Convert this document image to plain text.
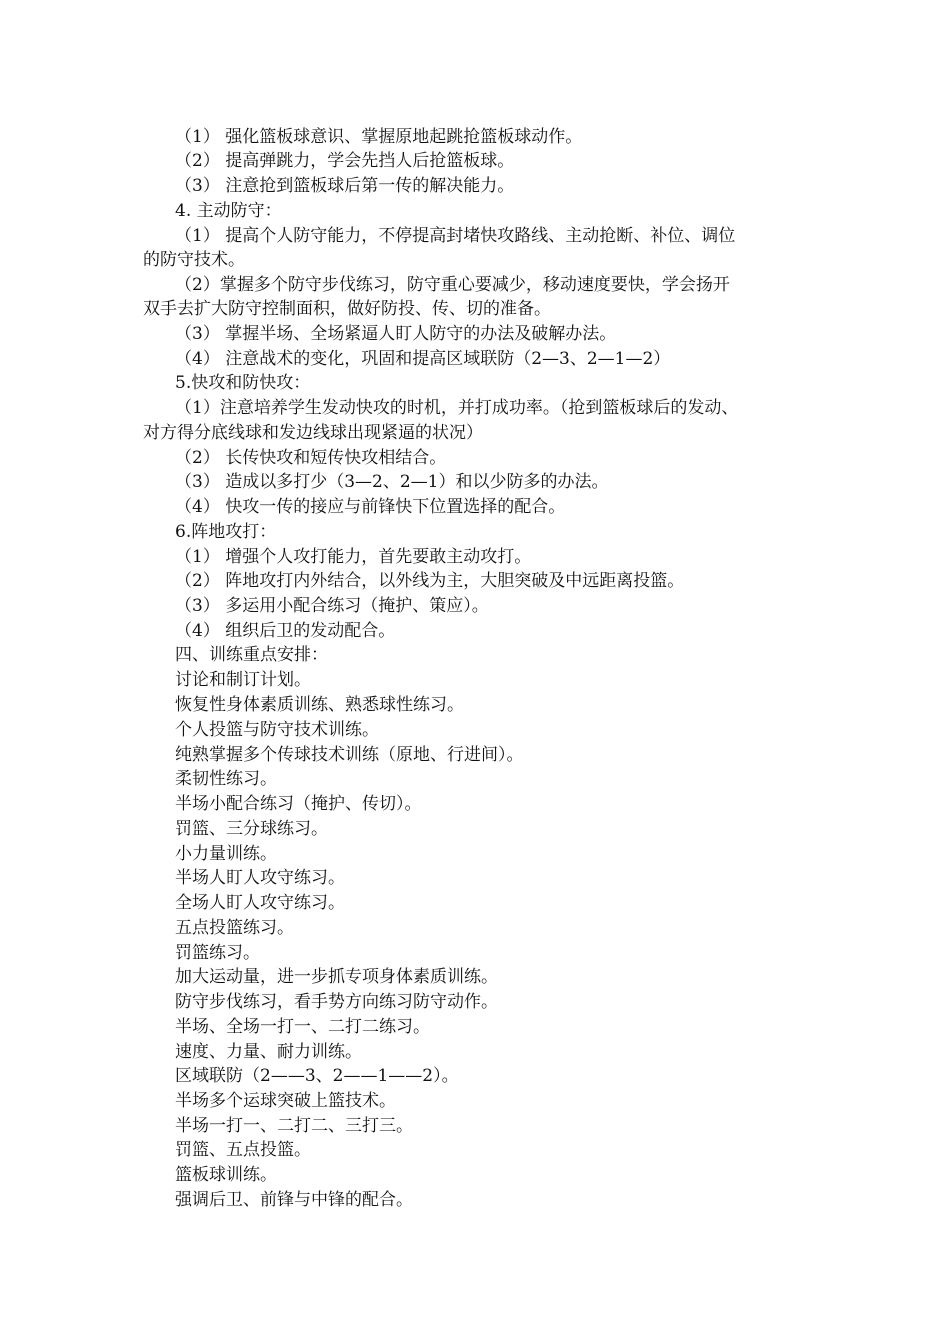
（1） 强化篮板球意识、掌握原地起跳抢篮板球动作。
（2） 提高弹跳力，学会先挡人后抢篮板球。
（3） 注意抢到篮板球后第一传的解决能力。
4. 主动防守：
（1） 提高个人防守能力，不停提高封堵快攻路线、主动抢断、补位、调位
的防守技术。
（2）掌握多个防守步伐练习，防守重心要减少，移动速度要快，学会扬开
双手去扩大防守控制面积，做好防投、传、切的准备。
（3） 掌握半场、全场紧逼人盯人防守的办法及破解办法。
（4） 注意战术的变化，巩固和提高区域联防（2—3、2—1—2）
5.快攻和防快攻：
（1）注意培养学生发动快攻的时机，并打成功率。（抢到篮板球后的发动、
对方得分底线球和发边线球出现紧逼的状况）
（2） 长传快攻和短传快攻相结合。
（3） 造成以多打少（3—2、2—1）和以少防多的办法。
（4） 快攻一传的接应与前锋快下位置选择的配合。
6.阵地攻打：
（1） 增强个人攻打能力，首先要敢主动攻打。
（2） 阵地攻打内外结合，以外线为主，大胆突破及中远距离投篮。
（3） 多运用小配合练习（掩护、策应）。
（4） 组织后卫的发动配合。
四、训练重点安排：
讨论和制订计划。
恢复性身体素质训练、熟悉球性练习。
个人投篮与防守技术训练。
纯熟掌握多个传球技术训练（原地、行进间）。
柔韧性练习。
半场小配合练习（掩护、传切）。
罚篮、三分球练习。
小力量训练。
半场人盯人攻守练习。
全场人盯人攻守练习。
五点投篮练习。
罚篮练习。
加大运动量，进一步抓专项身体素质训练。
防守步伐练习，看手势方向练习防守动作。
半场、全场一打一、二打二练习。
速度、力量、耐力训练。
区域联防（2——3、2——1——2）。
半场多个运球突破上篮技术。
半场一打一、二打二、三打三。
罚篮、五点投篮。
篮板球训练。
强调后卫、前锋与中锋的配合。
